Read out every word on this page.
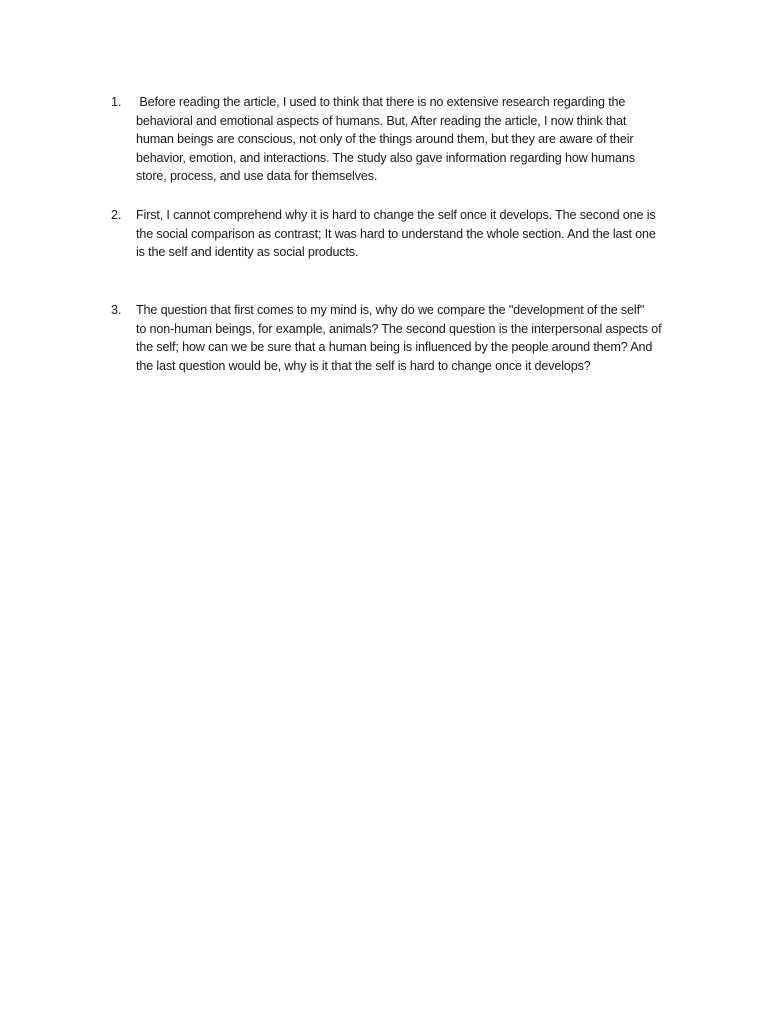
1.	Before reading the article, I used to think that there is no extensive research regarding the
behavioral and emotional aspects of humans. But, After reading the article, I now think that
human beings are conscious, not only of the things around them, but they are aware of their
behavior, emotion, and interactions. The study also gave information regarding how humans
store, process, and use data for themselves.
2.	First, I cannot comprehend why it is hard to change the self once it develops. The second one is
the social comparison as contrast; It was hard to understand the whole section. And the last one
is the self and identity as social products.
3.	The question that first comes to my mind is, why do we compare the "development of the self"
to non-human beings, for example, animals? The second question is the interpersonal aspects of
the self; how can we be sure that a human being is influenced by the people around them? And
the last question would be, why is it that the self is hard to change once it develops?
